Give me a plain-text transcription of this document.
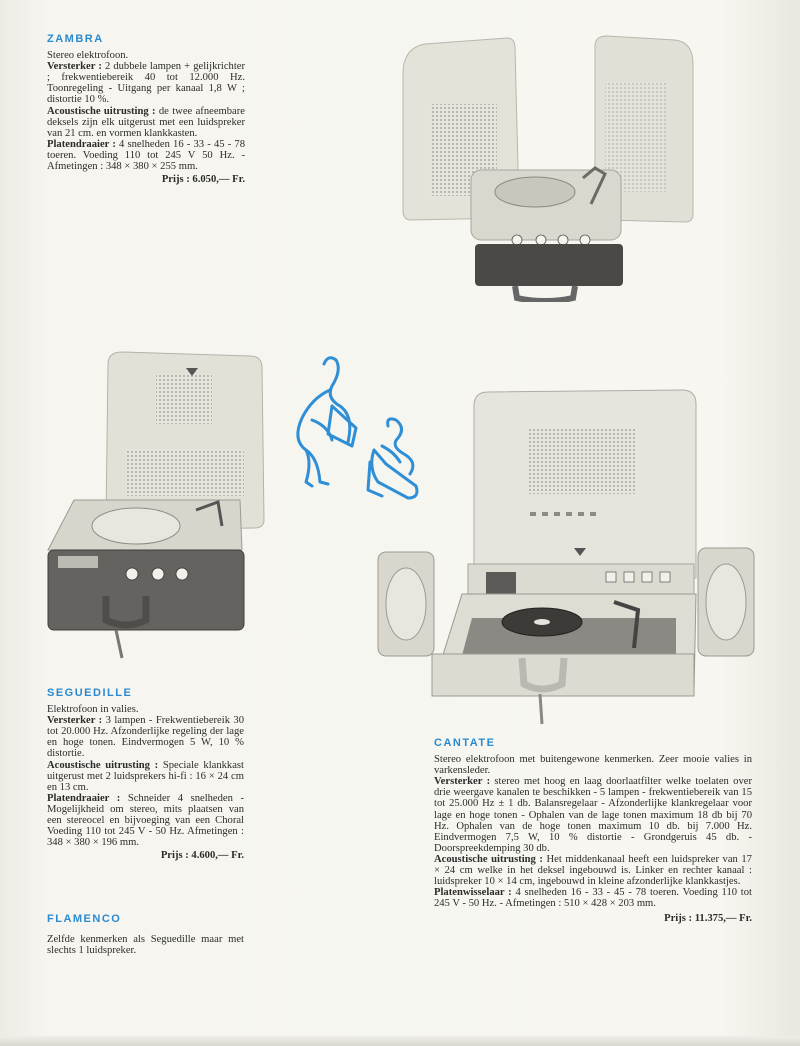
ZAMBRA

Stereo elektrofoon.

Versterker : 2 dubbele lampen + gelijkrichter ; frekwentiebereik 40 tot 12.000 Hz. Toonregeling - Uitgang per kanaal 1,8 W ; distortie 10 %.

Acoustische uitrusting : de twee afneembare deksels zijn elk uitgerust met een luidspreker van 21 cm. en vormen klankkasten.

Platendraaier : 4 snelheden 16 - 33 - 45 - 78 toeren. Voeding 110 tot 245 V 50 Hz. - Afmetingen : 348 × 380 × 255 mm.

Prijs : 6.050,— Fr.
SEGUEDILLE

Elektrofoon in valies.

Versterker : 3 lampen - Frekwentiebereik 30 tot 20.000 Hz. Afzonderlijke regeling der lage en hoge tonen. Eindvermogen 5 W, 10 % distortie.

Acoustische uitrusting : Speciale klankkast uitgerust met 2 luidsprekers hi-fi : 16 × 24 cm en 13 cm.

Platendraaier : Schneider 4 snelheden - Mogelijkheid om stereo, mits plaatsen van een stereocel en bijvoeging van een Choral Voeding 110 tot 245 V - 50 Hz. Afmetingen : 348 × 380 × 196 mm.

Prijs : 4.600,— Fr.
FLAMENCO

Zelfde kenmerken als Seguedille maar met slechts 1 luidspreker.

CANTATE

Stereo elektrofoon met buitengewone kenmerken. Zeer mooie valies in varkensleder.

Versterker : stereo met hoog en laag doorlaatfilter welke toelaten over drie weergave kanalen te beschikken - 5 lampen - frekwentiebereik van 15 tot 25.000 Hz ± 1 db. Balansregelaar - Afzonderlijke klankregelaar voor lage en hoge tonen - Ophalen van de lage tonen maximum 18 db bij 70 Hz. Ophalen van de hoge tonen maximum 10 db. bij 7.000 Hz. Eindvermogen 7,5 W, 10 % distortie - Grondgeruis 45 db. - Doorspreekdemping 30 db.

Acoustische uitrusting : Het middenkanaal heeft een luidspreker van 17 × 24 cm welke in het deksel ingebouwd is. Linker en rechter kanaal : luidspreker 10 × 14 cm, ingebouwd in kleine afzonderlijke klankkastjes.

Platenwisselaar : 4 snelheden 16 - 33 - 45 - 78 toeren. Voeding 110 tot 245 V - 50 Hz. - Afmetingen : 510 × 428 × 203 mm.

Prijs : 11.375,— Fr.
